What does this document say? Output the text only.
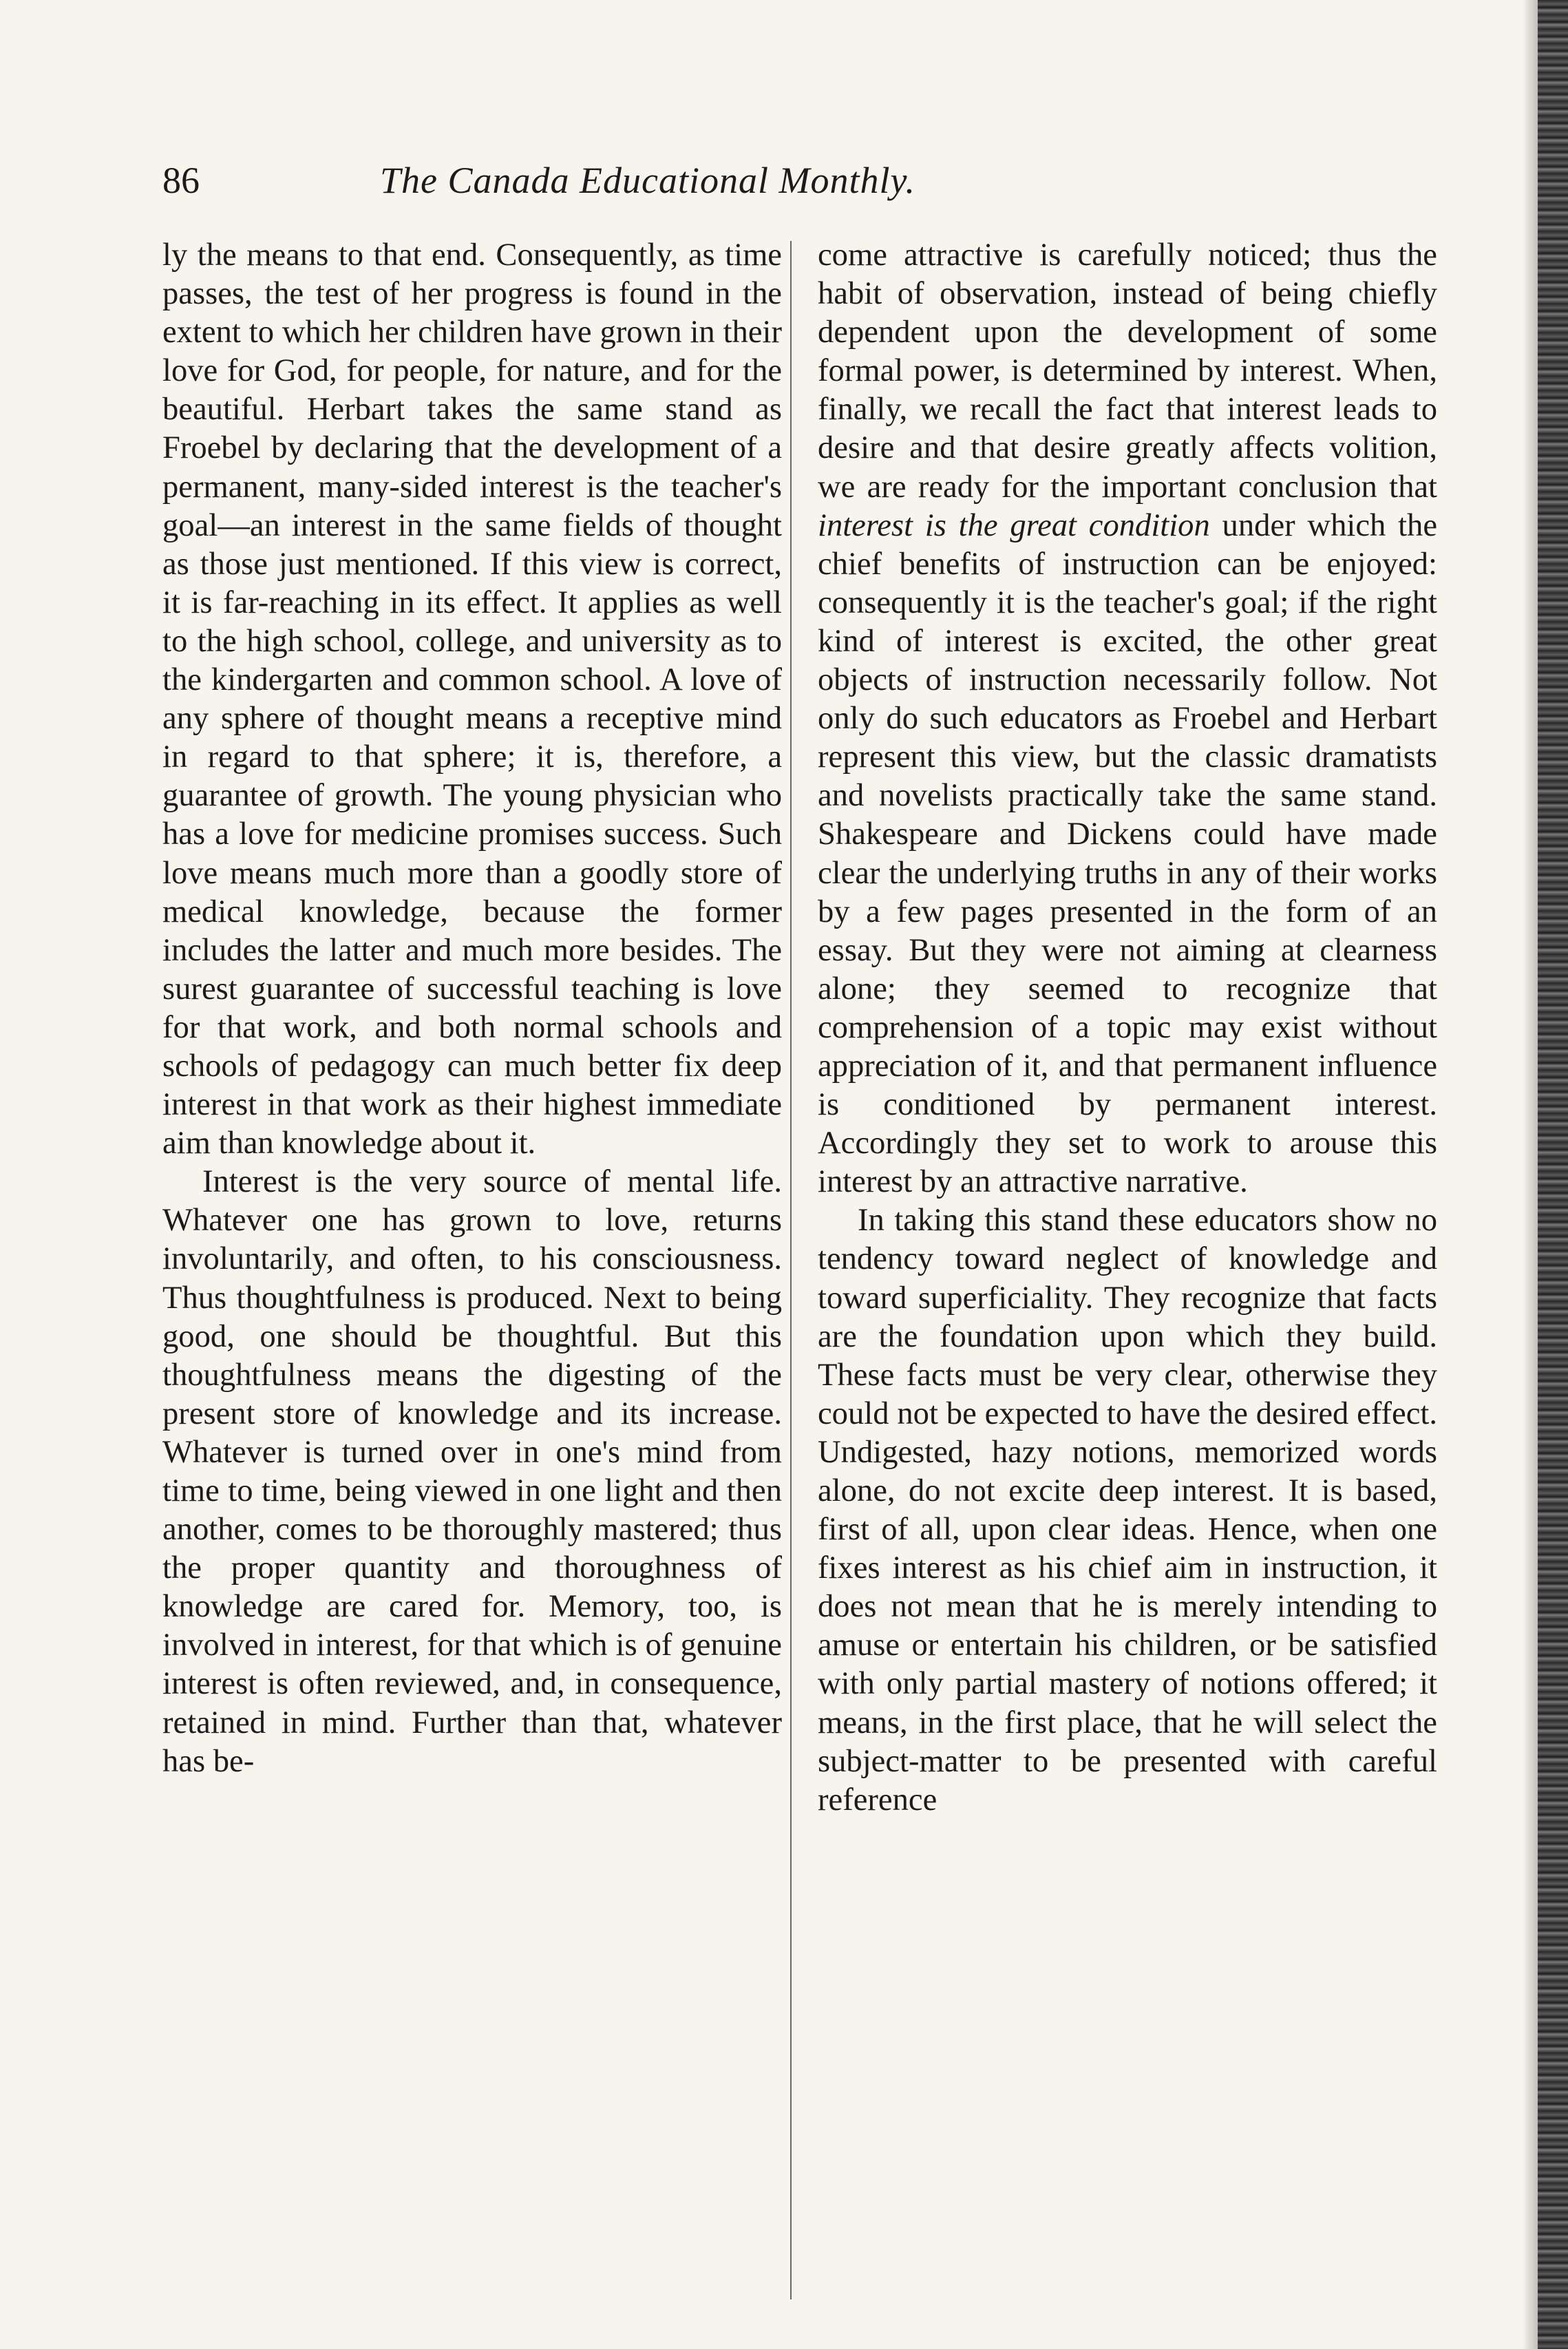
86	The Canada Educational Monthly.

ly the means to that end. Consequently, as time passes, the test of her progress is found in the extent to which her children have grown in their love for God, for people, for nature, and for the beautiful. Herbart takes the same stand as Froebel by declaring that the development of a permanent, many-sided interest is the teacher's goal—an interest in the same fields of thought as those just mentioned. If this view is correct, it is far-reaching in its effect. It applies as well to the high school, college, and university as to the kindergarten and common school. A love of any sphere of thought means a receptive mind in regard to that sphere; it is, therefore, a guarantee of growth. The young physician who has a love for medicine promises success. Such love means much more than a goodly store of medical knowledge, because the former includes the latter and much more besides. The surest guarantee of successful teaching is love for that work, and both normal schools and schools of pedagogy can much better fix deep interest in that work as their highest immediate aim than knowledge about it.

Interest is the very source of mental life. Whatever one has grown to love, returns involuntarily, and often, to his consciousness. Thus thoughtfulness is produced. Next to being good, one should be thoughtful. But this thoughtfulness means the digesting of the present store of knowledge and its increase. Whatever is turned over in one's mind from time to time, being viewed in one light and then another, comes to be thoroughly mastered; thus the proper quantity and thoroughness of knowledge are cared for. Memory, too, is involved in interest, for that which is of genuine interest is often reviewed, and, in consequence, retained in mind. Further than that, whatever has be-

come attractive is carefully noticed; thus the habit of observation, instead of being chiefly dependent upon the development of some formal power, is determined by interest. When, finally, we recall the fact that interest leads to desire and that desire greatly affects volition, we are ready for the important conclusion that interest is the great condition under which the chief benefits of instruction can be enjoyed: consequently it is the teacher's goal; if the right kind of interest is excited, the other great objects of instruction necessarily follow. Not only do such educators as Froebel and Herbart represent this view, but the classic dramatists and novelists practically take the same stand. Shakespeare and Dickens could have made clear the underlying truths in any of their works by a few pages presented in the form of an essay. But they were not aiming at clearness alone; they seemed to recognize that comprehension of a topic may exist without appreciation of it, and that permanent influence is conditioned by permanent interest. Accordingly they set to work to arouse this interest by an attractive narrative.

In taking this stand these educators show no tendency toward neglect of knowledge and toward superficiality. They recognize that facts are the foundation upon which they build. These facts must be very clear, otherwise they could not be expected to have the desired effect. Undigested, hazy notions, memorized words alone, do not excite deep interest. It is based, first of all, upon clear ideas. Hence, when one fixes interest as his chief aim in instruction, it does not mean that he is merely intending to amuse or entertain his children, or be satisfied with only partial mastery of notions offered; it means, in the first place, that he will select the subject-matter to be presented with careful reference
